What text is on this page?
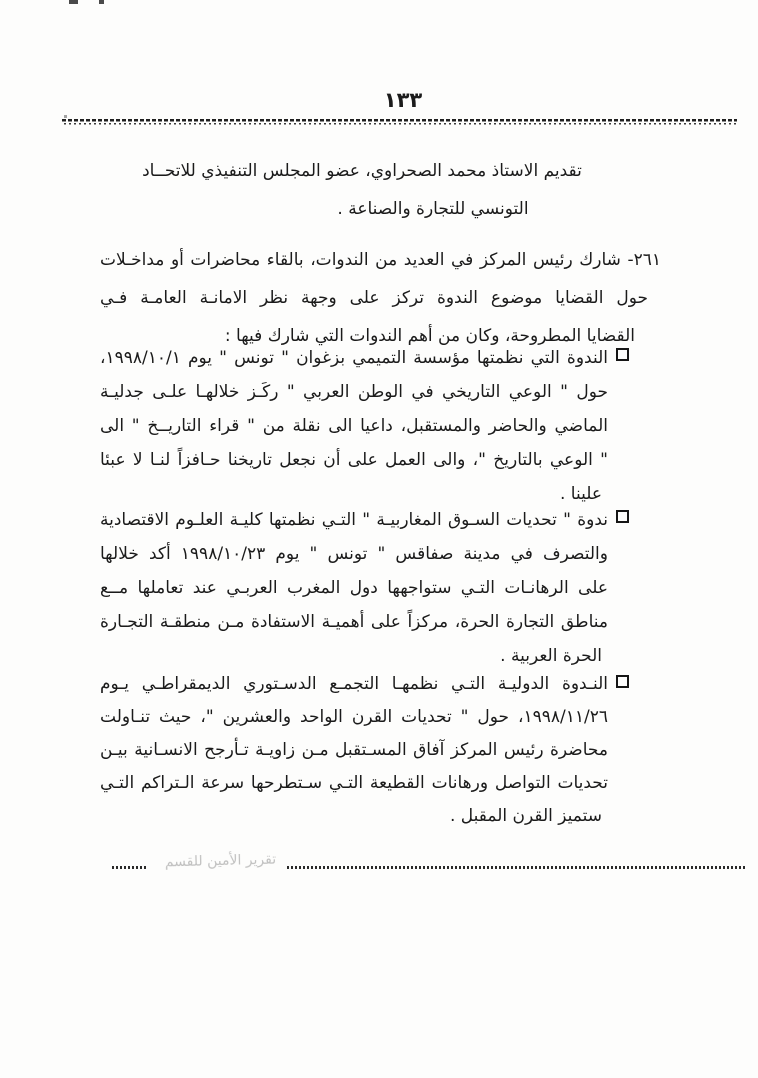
١٣٣
تقديم الاستاذ محمد الصحراوي، عضو المجلس التنفيذي للاتحــاد
التونسي للتجارة والصناعة .
٢٦١- شارك رئيس المركز في العديد من الندوات، بالقاء محاضرات أو مداخـلات
حول القضايا موضوع الندوة تركز على وجهة نظر الامانـة العامـة فـي
القضايا المطروحة، وكان من أهم الندوات التي شارك فيها :
الندوة التي نظمتها مؤسسة التميمي بزغوان " تونس " يوم ١٩٩٨/١٠/١،
حول " الوعي التاريخي في الوطن العربي " ركَـز خلالهـا علـى جدليـة
الماضي والحاضر والمستقبل، داعيا الى نقلة من " قراء التاريــخ " الى
" الوعي بالتاريخ "، والى العمل على أن نجعل تاريخنا حـافزاً لنـا لا عبئا
علينا .
ندوة " تحديات السـوق المغاربيـة " التـي نظمتها كليـة العلـوم الاقتصادية
والتصرف في مدينة صفاقس " تونس " يوم ١٩٩٨/١٠/٢٣ أكد خلالها
على الرهانـات التـي ستواجهها دول المغرب العربـي عند تعاملها مــع
مناطق التجارة الحرة، مركزاً على أهميـة الاستفادة مـن منطقـة التجـارة
الحرة العربية .
النـدوة الدوليـة التـي نظمهـا التجمـع الدسـتوري الديمقراطـي يـوم
١٩٩٨/١١/٢٦، حول " تحديات القرن الواحد والعشرين "، حيث تنـاولت
محاضرة رئيس المركز آفاق المسـتقبل مـن زاويـة تـأرجح الانسـانية بيـن
تحديات التواصل ورهانات القطيعة التـي سـتطرحها سرعة الـتراكم التـي
ستميز القرن المقبل .
تقرير الأمين للقسم
